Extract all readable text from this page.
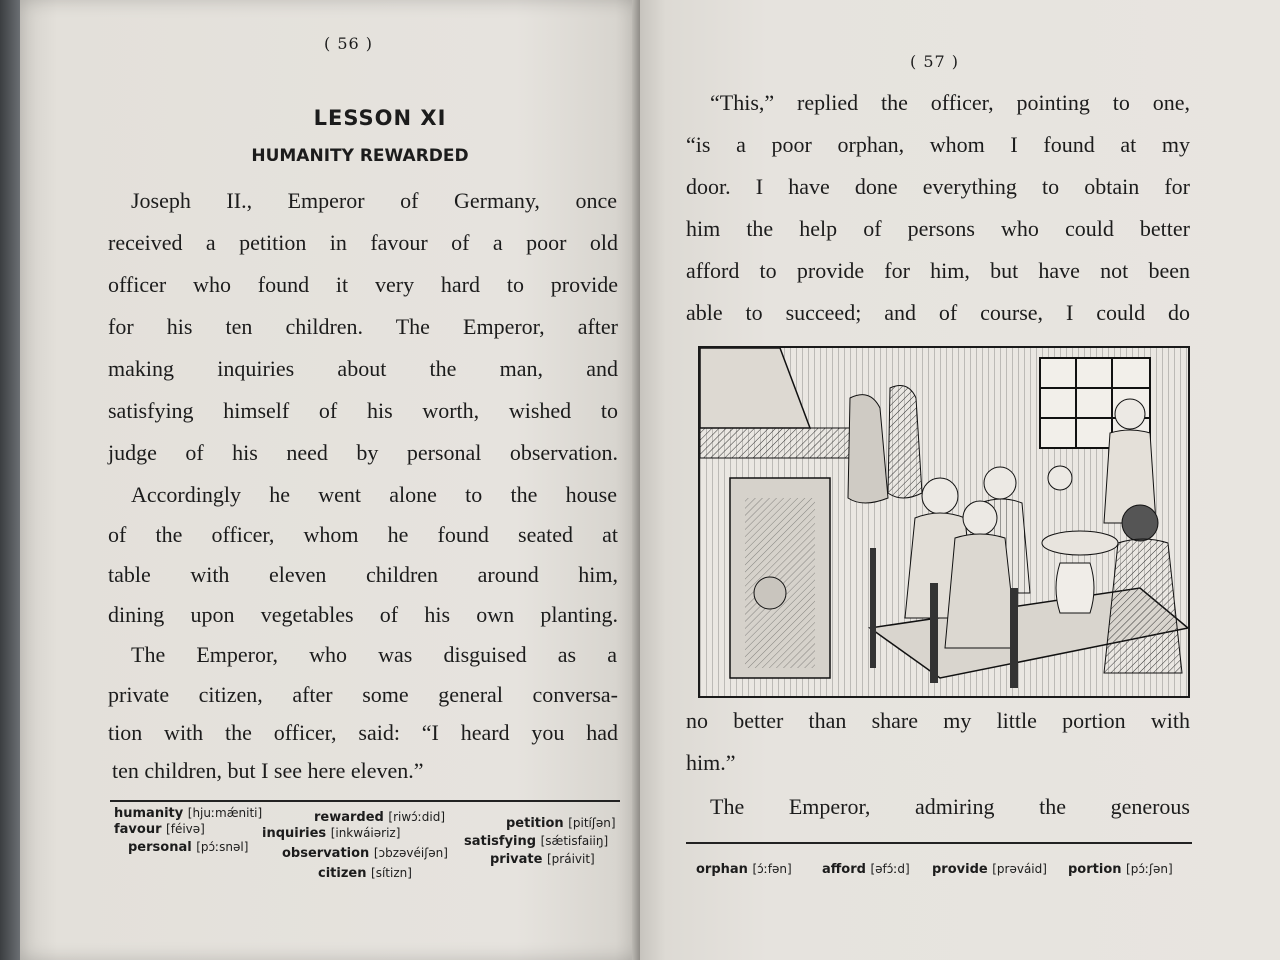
( 56 )
LESSON XI
HUMANITY REWARDED
Joseph II., Emperor of Germany, once
received a petition in favour of a poor old
officer who found it very hard to provide
for his ten children. The Emperor, after
making inquiries about the man, and
satisfying himself of his worth, wished to
judge of his need by personal observation.
Accordingly he went alone to the house
of the officer, whom he found seated at
table with eleven children around him,
dining upon vegetables of his own planting.
The Emperor, who was disguised as a
private citizen, after some general conversa-
tion with the officer, said: “I heard you had
ten children, but I see here eleven.”
humanity [hjuːmǽniti]	rewarded [riwɔ́ːdid]	petition [pitíʃən]
favour [féivə]	inquiries [inkwáiəriz]
satisfying [sǽtisfaiiŋ]
personal [pɔ́ːsnəl]	observation [ɔbzəvéiʃən]	private [práivit]
citizen [sítizn]
( 57 )
“This,” replied the officer, pointing to one,
“is a poor orphan, whom I found at my
door. I have done everything to obtain for
him the help of persons who could better
afford to provide for him, but have not been
able to succeed; and of course, I could do
no better than share my little portion with
him.”
The Emperor, admiring the generous
orphan [ɔ́ːfən] afford [əfɔ́ːd] provide [prəváid] portion [pɔ́ːʃən]
